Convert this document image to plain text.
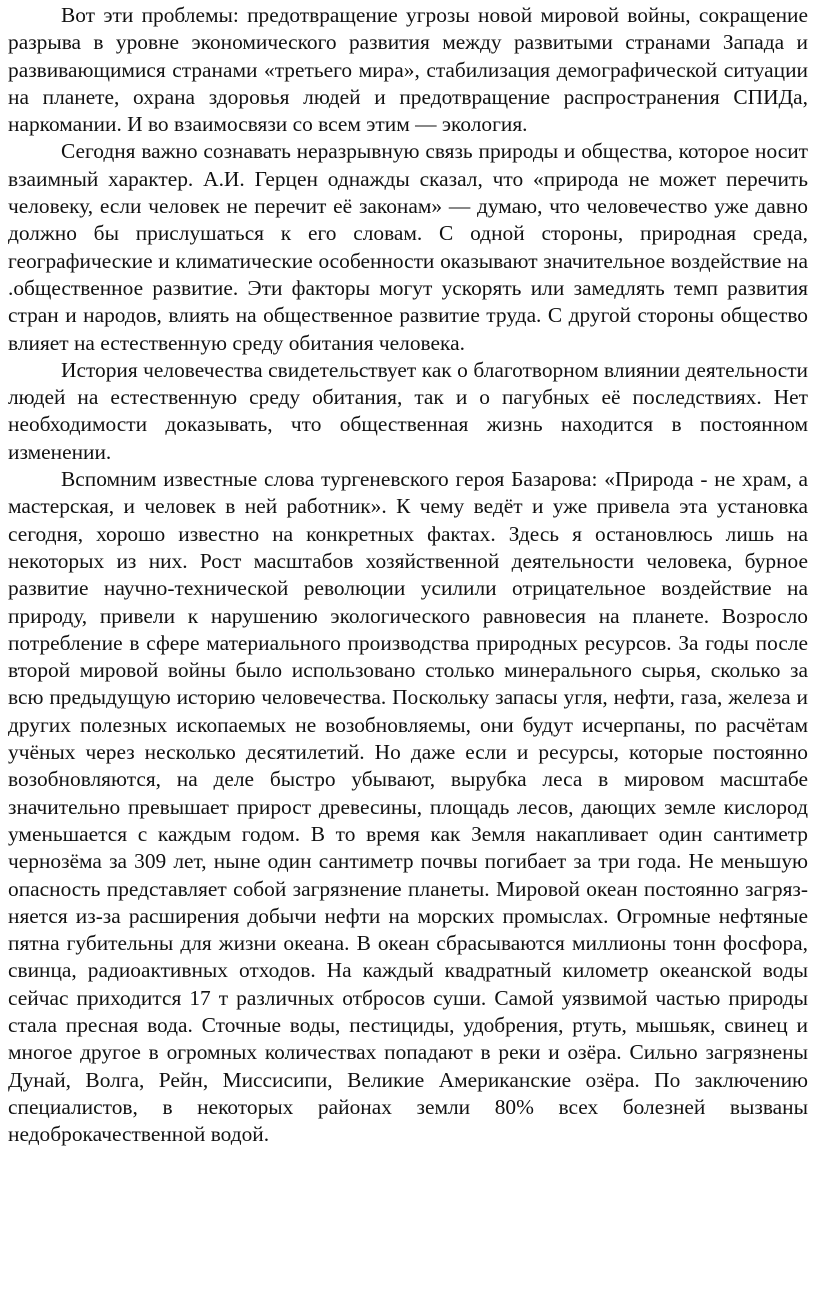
Вот эти проблемы: предотвращение угрозы новой мировой войны, сокращение разрыва в уровне экономического развития между развитыми странами Запада и развивающимися странами «третьего мира», стабилизация демографической ситуации на планете, охрана здоровья людей и предотвращение распространения СПИДа, наркомании. И во взаимосвязи со всем этим — экология.

Сегодня важно сознавать неразрывную связь природы и общества, которое носит взаимный характер. А.И. Герцен однажды сказал, что «природа не может перечить человеку, если человек не перечит её законам» — думаю, что человечество уже давно должно бы прислушаться к его словам. С одной стороны, природная среда, географические и климатические особенности оказывают значительное воздействие на .общественное развитие. Эти факторы могут ускорять или замедлять темп развития стран и народов, влиять на общественное развитие труда. С другой стороны общество влияет на естественную среду обитания человека.

История человечества свидетельствует как о благотворном влиянии деятельности людей на естественную среду обитания, так и о пагубных её последствиях. Нет необходимости доказывать, что общественная жизнь находится в постоянном изменении.

Вспомним известные слова тургеневского героя Базарова: «Природа - не храм, а мастерская, и человек в ней работник». К чему ведёт и уже привела эта установка сегодня, хорошо известно на конкретных фактах. Здесь я остановлюсь лишь на некоторых из них. Рост масштабов хозяйственной деятельности человека, бурное развитие научно-технической революции усилили отрицательное воздействие на природу, привели к нарушению экологического равновесия на планете. Возросло потребление в сфере материального производства природных ресурсов. За годы после второй мировой войны было использовано столько минерального сырья, сколько за всю предыдущую историю человечества. Поскольку запасы угля, нефти, газа, железа и других полезных ископаемых не возобновляемы, они будут исчерпаны, по расчётам учёных через несколько десятилетий. Но даже если и ресурсы, которые постоянно возобновляются, на деле быстро убывают, вырубка леса в мировом масштабе значительно превышает прирост древесины, площадь лесов, дающих земле кислород уменьшается с каждым годом. В то время как Земля накапливает один сантиметр чернозёма за 309 лет, ныне один сантиметр почвы погибает за три года. Не меньшую опасность представляет собой загрязнение планеты. Мировой океан постоянно загрязняется из-за расширения добычи нефти на морских промыслах. Огромные нефтяные пятна губительны для жизни океана. В океан сбрасываются миллионы тонн фосфора, свинца, радиоактивных отходов. На каждый квадратный километр океанской воды сейчас приходится 17 т различных отбросов суши. Самой уязвимой частью природы стала пресная вода. Сточные воды, пестициды, удобрения, ртуть, мышьяк, свинец и многое другое в огромных количествах попадают в реки и озёра. Сильно загрязнены Дунай, Волга, Рейн, Миссисипи, Великие Американские озёра. По заключению специалистов, в некоторых районах земли 80% всех болезней вызваны недоброкачественной водой.
